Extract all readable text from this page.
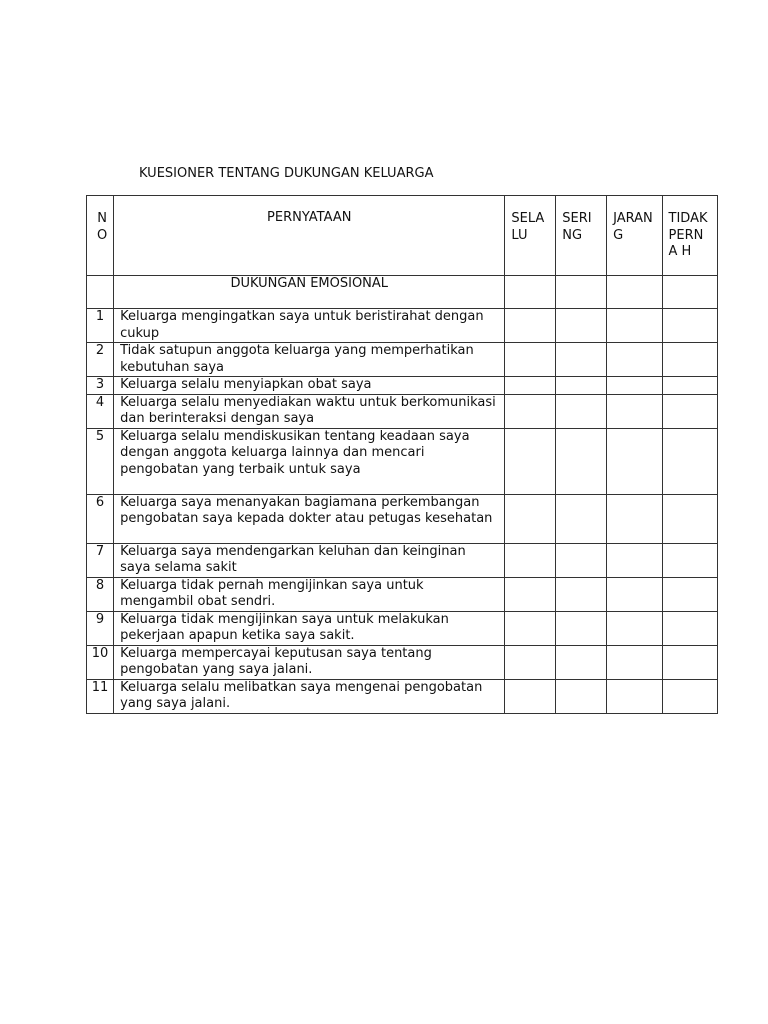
KUESIONER TENTANG DUKUNGAN KELUARGA
N O	PERNYATAAN	SELA LU	SERI NG	JARAN G	TIDAK PERNA H
	DUKUNGAN EMOSIONAL				
1	Keluarga mengingatkan saya untuk beristirahat dengan cukup				
2	Tidak satupun anggota keluarga yang memperhatikan kebutuhan saya				
3	Keluarga selalu menyiapkan obat saya				
4	Keluarga selalu menyediakan waktu untuk berkomunikasi dan berinteraksi dengan saya				
5	Keluarga selalu mendiskusikan tentang keadaan saya dengan anggota keluarga lainnya dan mencari pengobatan yang terbaik untuk saya				
6	Keluarga saya menanyakan bagiamana perkembangan pengobatan saya kepada dokter atau petugas kesehatan				
7	Keluarga saya mendengarkan keluhan dan keinginan saya selama sakit				
8	Keluarga tidak pernah mengijinkan saya untuk mengambil obat sendri.				
9	Keluarga tidak mengijinkan saya untuk melakukan pekerjaan apapun ketika saya sakit.				
10	Keluarga mempercayai keputusan saya tentang pengobatan yang saya jalani.				
11	Keluarga selalu melibatkan saya mengenai pengobatan yang saya jalani.				
